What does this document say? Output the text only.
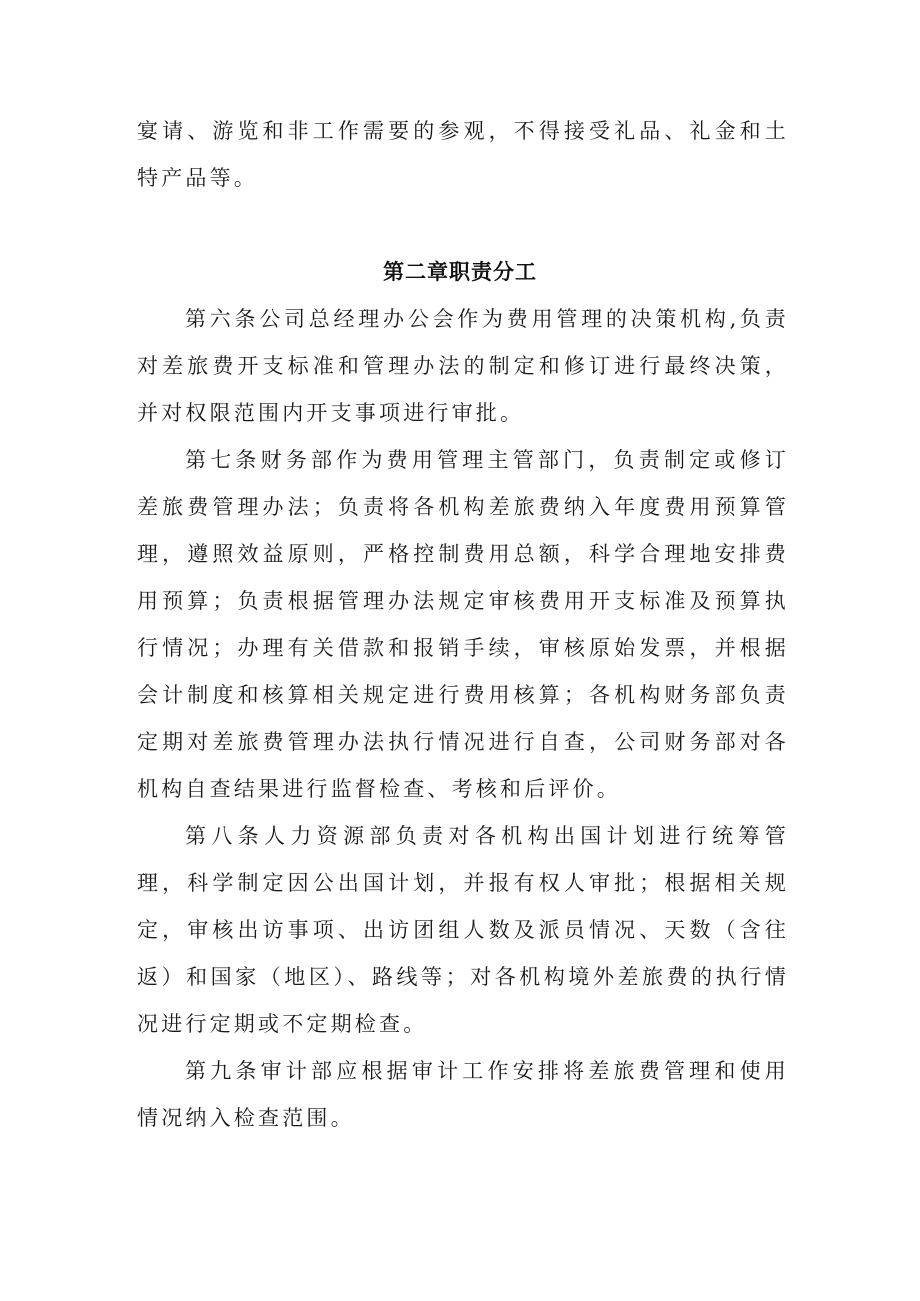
宴请、游览和非工作需要的参观，不得接受礼品、礼金和土特产品等。

第二章职责分工

第六条公司总经理办公会作为费用管理的决策机构,负责对差旅费开支标准和管理办法的制定和修订进行最终决策，并对权限范围内开支事项进行审批。

第七条财务部作为费用管理主管部门，负责制定或修订差旅费管理办法；负责将各机构差旅费纳入年度费用预算管理，遵照效益原则，严格控制费用总额，科学合理地安排费用预算；负责根据管理办法规定审核费用开支标准及预算执行情况；办理有关借款和报销手续，审核原始发票，并根据会计制度和核算相关规定进行费用核算；各机构财务部负责定期对差旅费管理办法执行情况进行自查，公司财务部对各机构自查结果进行监督检查、考核和后评价。

第八条人力资源部负责对各机构出国计划进行统筹管理，科学制定因公出国计划，并报有权人审批；根据相关规定，审核出访事项、出访团组人数及派员情况、天数（含往返）和国家（地区）、路线等；对各机构境外差旅费的执行情况进行定期或不定期检查。

第九条审计部应根据审计工作安排将差旅费管理和使用情况纳入检查范围。
